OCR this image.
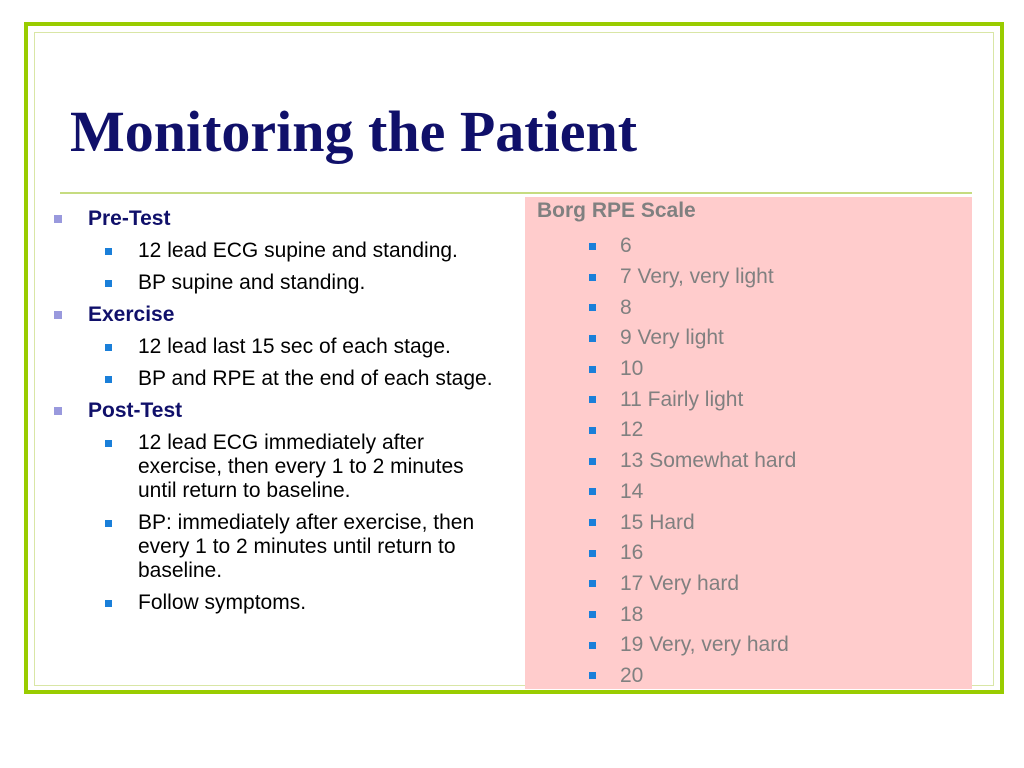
Monitoring the Patient
Pre-Test
12 lead ECG supine and standing.
BP supine and standing.
Exercise
12 lead last 15 sec of each stage.
BP and RPE at the end of each stage.
Post-Test
12 lead ECG immediately after exercise, then every 1 to 2 minutes until return to baseline.
BP: immediately after exercise, then every 1 to 2 minutes until return to baseline.
Follow symptoms.
Borg RPE Scale
6
7 Very, very light
8
9 Very light
10
11 Fairly light
12
13 Somewhat hard
14
15 Hard
16
17 Very hard
18
19 Very, very hard
20
